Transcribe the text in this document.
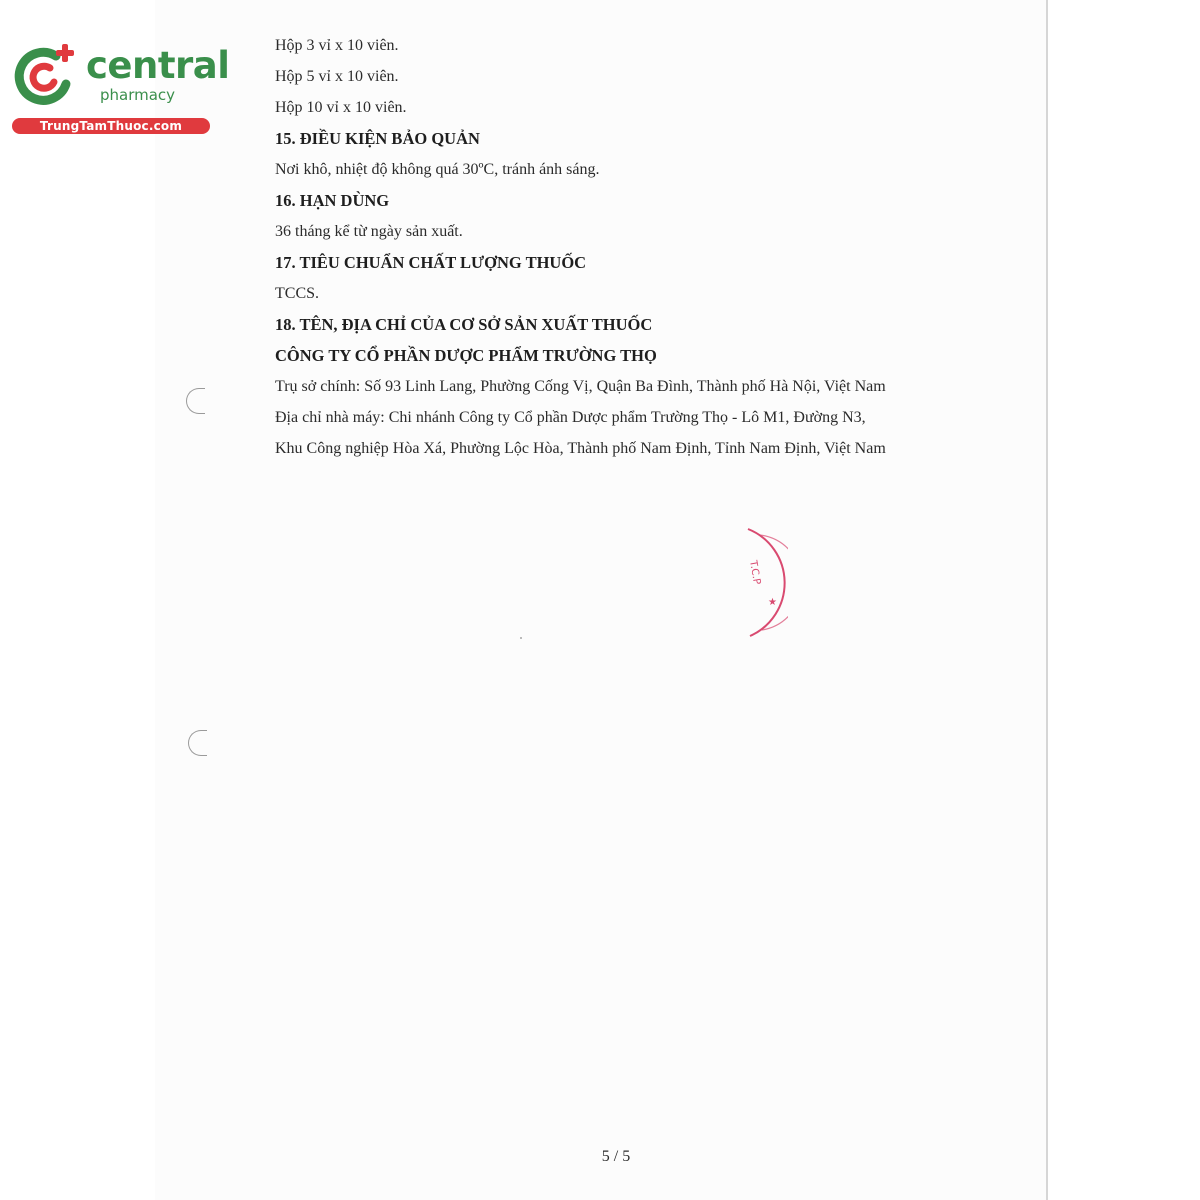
central
pharmacy
TrungTamThuoc.com
Hộp 3 vỉ x 10 viên.
Hộp 5 vỉ x 10 viên.
Hộp 10 vỉ x 10 viên.
15. ĐIỀU KIỆN BẢO QUẢN
Nơi khô, nhiệt độ không quá 30ºC, tránh ánh sáng.
16. HẠN DÙNG
36 tháng kể từ ngày sản xuất.
17. TIÊU CHUẨN CHẤT LƯỢNG THUỐC
TCCS.
18. TÊN, ĐỊA CHỈ CỦA CƠ SỞ SẢN XUẤT THUỐC
CÔNG TY CỔ PHẦN DƯỢC PHẨM TRƯỜNG THỌ
Trụ sở chính: Số 93 Linh Lang, Phường Cống Vị, Quận Ba Đình, Thành phố Hà Nội, Việt Nam
Địa chỉ nhà máy: Chi nhánh Công ty Cổ phần Dược phẩm Trường Thọ - Lô M1, Đường N3,
Khu Công nghiệp Hòa Xá, Phường Lộc Hòa, Thành phố Nam Định, Tỉnh Nam Định, Việt Nam
T.C.P
★
5 / 5
